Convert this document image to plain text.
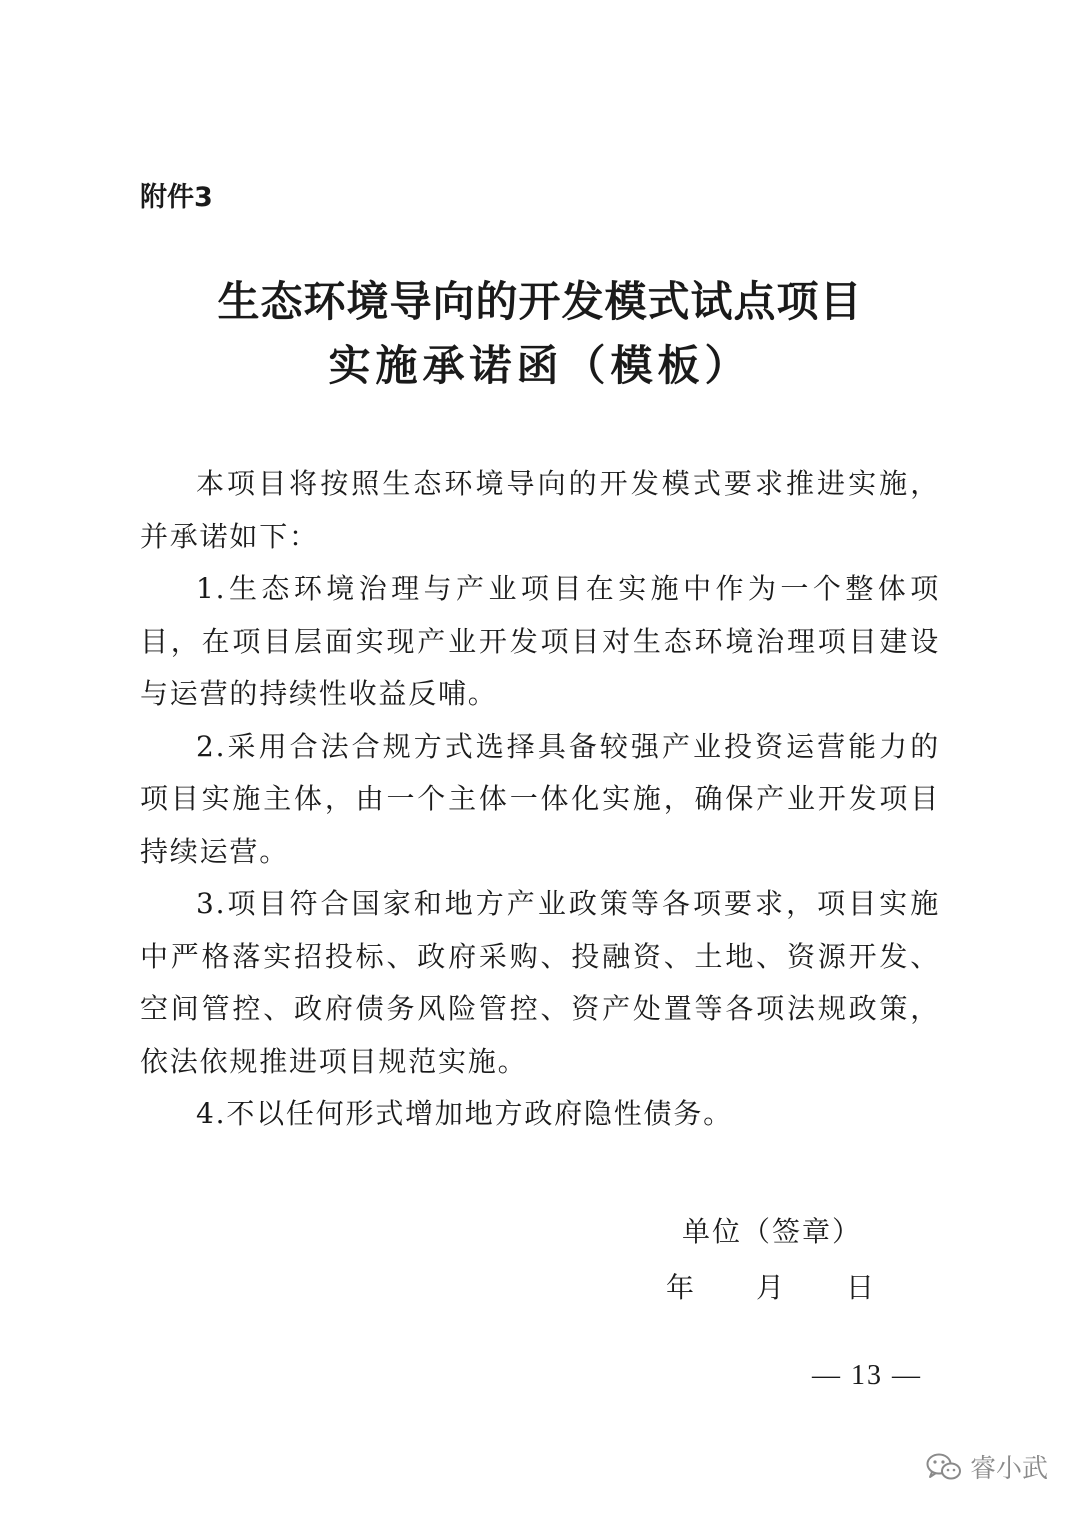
附件3
生态环境导向的开发模式试点项目
实施承诺函（模板）

本项目将按照生态环境导向的开发模式要求推进实施，并承诺如下：

1.生态环境治理与产业项目在实施中作为一个整体项目，在项目层面实现产业开发项目对生态环境治理项目建设与运营的持续性收益反哺。

2.采用合法合规方式选择具备较强产业投资运营能力的项目实施主体，由一个主体一体化实施，确保产业开发项目持续运营。

3.项目符合国家和地方产业政策等各项要求，项目实施中严格落实招投标、政府采购、投融资、土地、资源开发、空间管控、政府债务风险管控、资产处置等各项法规政策，依法依规推进项目规范实施。

4.不以任何形式增加地方政府隐性债务。

单位（签章）
年 月 日
— 13 —
睿小武
